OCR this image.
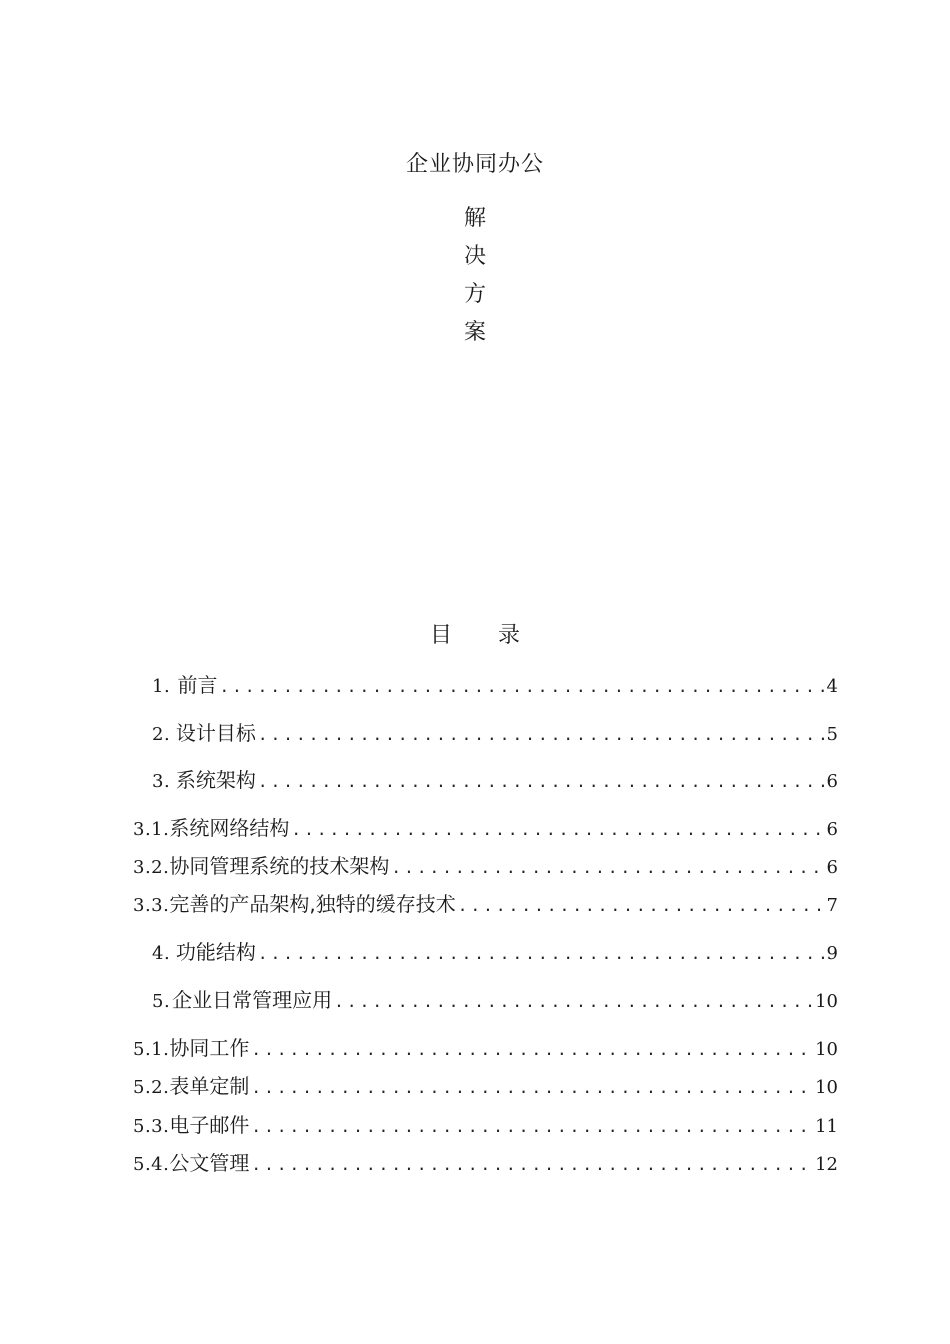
企业协同办公
解
决
方
案
目 录
1. 前言 .....	4
2. 设计目标 .....	5
3. 系统架构 .....	6
3.1. 系统网络结构 .....	6
3.2. 协同管理系统的技术架构 .....	6
3.3. 完善的产品架构,独特的缓存技术 .....	7
4. 功能结构 .....	9
5. 企业日常管理应用 .....	10
5.1. 协同工作 .....	10
5.2. 表单定制 .....	10
5.3. 电子邮件 .....	11
5.4. 公文管理 .....	12
